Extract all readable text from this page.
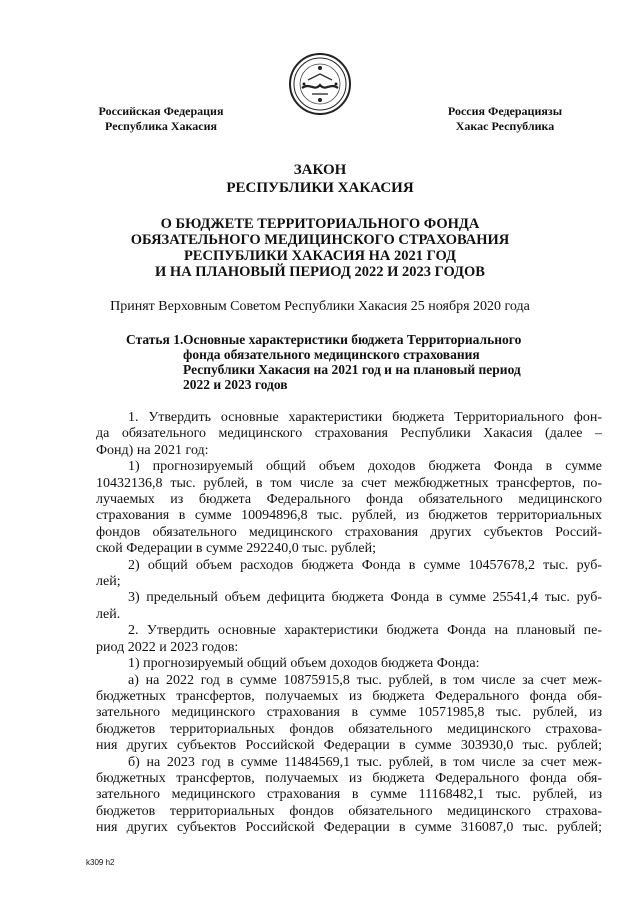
Российская Федерация
Республика Хакасия
Россия Федерациязы
Хакас Республика
ЗАКОН
РЕСПУБЛИКИ ХАКАСИЯ
О БЮДЖЕТЕ ТЕРРИТОРИАЛЬНОГО ФОНДА
ОБЯЗАТЕЛЬНОГО МЕДИЦИНСКОГО СТРАХОВАНИЯ
РЕСПУБЛИКИ ХАКАСИЯ НА 2021 ГОД
И НА ПЛАНОВЫЙ ПЕРИОД 2022 И 2023 ГОДОВ
Принят Верховным Советом Республики Хакасия 25 ноября 2020 года
Статья 1. Основные характеристики бюджета Территориального
фонда обязательного медицинского страхования
Республики Хакасия на 2021 год и на плановый период
2022 и 2023 годов
1. Утвердить основные характеристики бюджета Территориального фон-
да обязательного медицинского страхования Республики Хакасия (далее –
Фонд) на 2021 год:
1) прогнозируемый общий объем доходов бюджета Фонда в сумме
10432136,8 тыс. рублей, в том числе за счет межбюджетных трансфертов, по-
лучаемых из бюджета Федерального фонда обязательного медицинского
страхования в сумме 10094896,8 тыс. рублей, из бюджетов территориальных
фондов обязательного медицинского страхования других субъектов Россий-
ской Федерации в сумме 292240,0 тыс. рублей;
2) общий объем расходов бюджета Фонда в сумме 10457678,2 тыс. руб-
лей;
3) предельный объем дефицита бюджета Фонда в сумме 25541,4 тыс. руб-
лей.
2. Утвердить основные характеристики бюджета Фонда на плановый пе-
риод 2022 и 2023 годов:
1) прогнозируемый общий объем доходов бюджета Фонда:
а) на 2022 год в сумме 10875915,8 тыс. рублей, в том числе за счет меж-
бюджетных трансфертов, получаемых из бюджета Федерального фонда обя-
зательного медицинского страхования в сумме 10571985,8 тыс. рублей, из
бюджетов территориальных фондов обязательного медицинского страхова-
ния других субъектов Российской Федерации в сумме 303930,0 тыс. рублей;
б) на 2023 год в сумме 11484569,1 тыс. рублей, в том числе за счет меж-
бюджетных трансфертов, получаемых из бюджета Федерального фонда обя-
зательного медицинского страхования в сумме 11168482,1 тыс. рублей, из
бюджетов территориальных фондов обязательного медицинского страхова-
ния других субъектов Российской Федерации в сумме 316087,0 тыс. рублей;
k309 h2
